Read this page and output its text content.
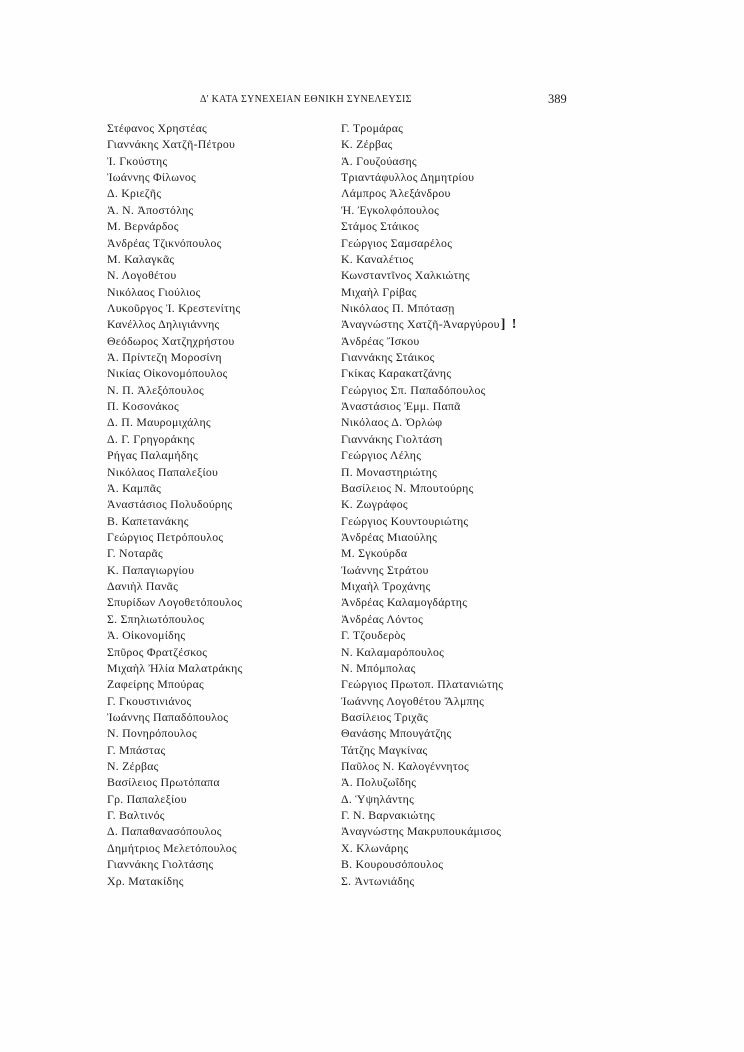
Δ' ΚΑΤΑ ΣΥΝΕΧΕΙΑΝ ΕΘΝΙΚΗ ΣΥΝΕΛΕΥΣΙΣ	389
Στέφανος Χρηστέας
Γιαννάκης Χατζῆ-Πέτρου
Ἰ. Γκούστης
Ἰωάννης Φίλωνος
Δ. Κριεζῆς
Ἀ. Ν. Ἀποστόλης
Μ. Βερνάρδος
Ἀνδρέας Τζικνόπουλος
Μ. Καλαγκᾶς
Ν. Λογοθέτου
Νικόλαος Γιούλιος
Λυκοῦργος Ἰ. Κρεστενίτης
Κανέλλος Δηλιγιάννης
Θεόδωρος Χατζηχρήστου
Ἀ. Πρίντεζη Μοροσίνη
Νικίας Οἰκονομόπουλος
Ν. Π. Ἀλεξόπουλος
Π. Κοσονάκος
Δ. Π. Μαυρομιχάλης
Δ. Γ. Γρηγοράκης
Ρήγας Παλαμήδης
Νικόλαος Παπαλεξίου
Ἀ. Καμπᾶς
Ἀναστάσιος Πολυδούρης
Β. Καπετανάκης
Γεώργιος Πετρόπουλος
Γ. Νοταρᾶς
Κ. Παπαγιωργίου
Δανιὴλ Πανᾶς
Σπυρίδων Λογοθετόπουλος
Σ. Σπηλιωτόπουλος
Ἀ. Οἰκονομίδης
Σπῦρος Φρατζέσκος
Μιχαὴλ Ἠλία Μαλατράκης
Ζαφείρης Μπούρας
Γ. Γκουστινιάνος
Ἰωάννης Παπαδόπουλος
Ν. Πονηρόπουλος
Γ. Μπάστας
Ν. Ζέρβας
Βασίλειος Πρωτόπαπα
Γρ. Παπαλεξίου
Γ. Βαλτινός
Δ. Παπαθανασόπουλος
Δημήτριος Μελετόπουλος
Γιαννάκης Γιολτάσης
Χρ. Ματακίδης
Γ. Τρομάρας
Κ. Ζέρβας
Ἀ. Γουζούασης
Τριαντάφυλλος Δημητρίου
Λάμπρος Ἀλεξάνδρου
Ἠ. Ἐγκολφόπουλος
Στάμος Στάικος
Γεώργιος Σαμσαρέλος
Κ. Καναλέτιος
Κωνσταντῖνος Χαλκιώτης
Μιχαὴλ Γρίβας
Νικόλαος Π. Μπότασῃ
Ἀναγνώστης Χατζῆ-Ἀναργύρου] !
Ἀνδρέας Ἴσκου
Γιαννάκης Στάικος
Γκίκας Καρακατζάνης
Γεώργιος Σπ. Παπαδόπουλος
Ἀναστάσιος Ἐμμ. Παπᾶ
Νικόλαος Δ. Ὀρλώφ
Γιαννάκης Γιολτάση
Γεώργιος Λέλης
Π. Μοναστηριώτης
Βασίλειος Ν. Μπουτούρης
Κ. Ζωγράφος
Γεώργιος Κουντουριώτης
Ἀνδρέας Μιαούλης
Μ. Σγκούρδα
Ἰωάννης Στράτου
Μιχαὴλ Τροχάνης
Ἀνδρέας Καλαμογδάρτης
Ἀνδρέας Λόντος
Γ. Τζουδερὸς
Ν. Καλαμαρόπουλος
Ν. Μπόμπολας
Γεώργιος Πρωτοπ. Πλατανιώτης
Ἰωάννης Λογοθέτου Ἄλμπης
Βασίλειος Τριχᾶς
Θανάσης Μπουγάτζης
Τάτζης Μαγκίνας
Παῦλος Ν. Καλογέννητος
Ἀ. Πολυζωΐδης
Δ. Ὑψηλάντης
Γ. Ν. Βαρνακιώτης
Ἀναγνώστης Μακρυπουκάμισος
Χ. Κλωνάρης
Β. Κουρουσόπουλος
Σ. Ἀντωνιάδης
